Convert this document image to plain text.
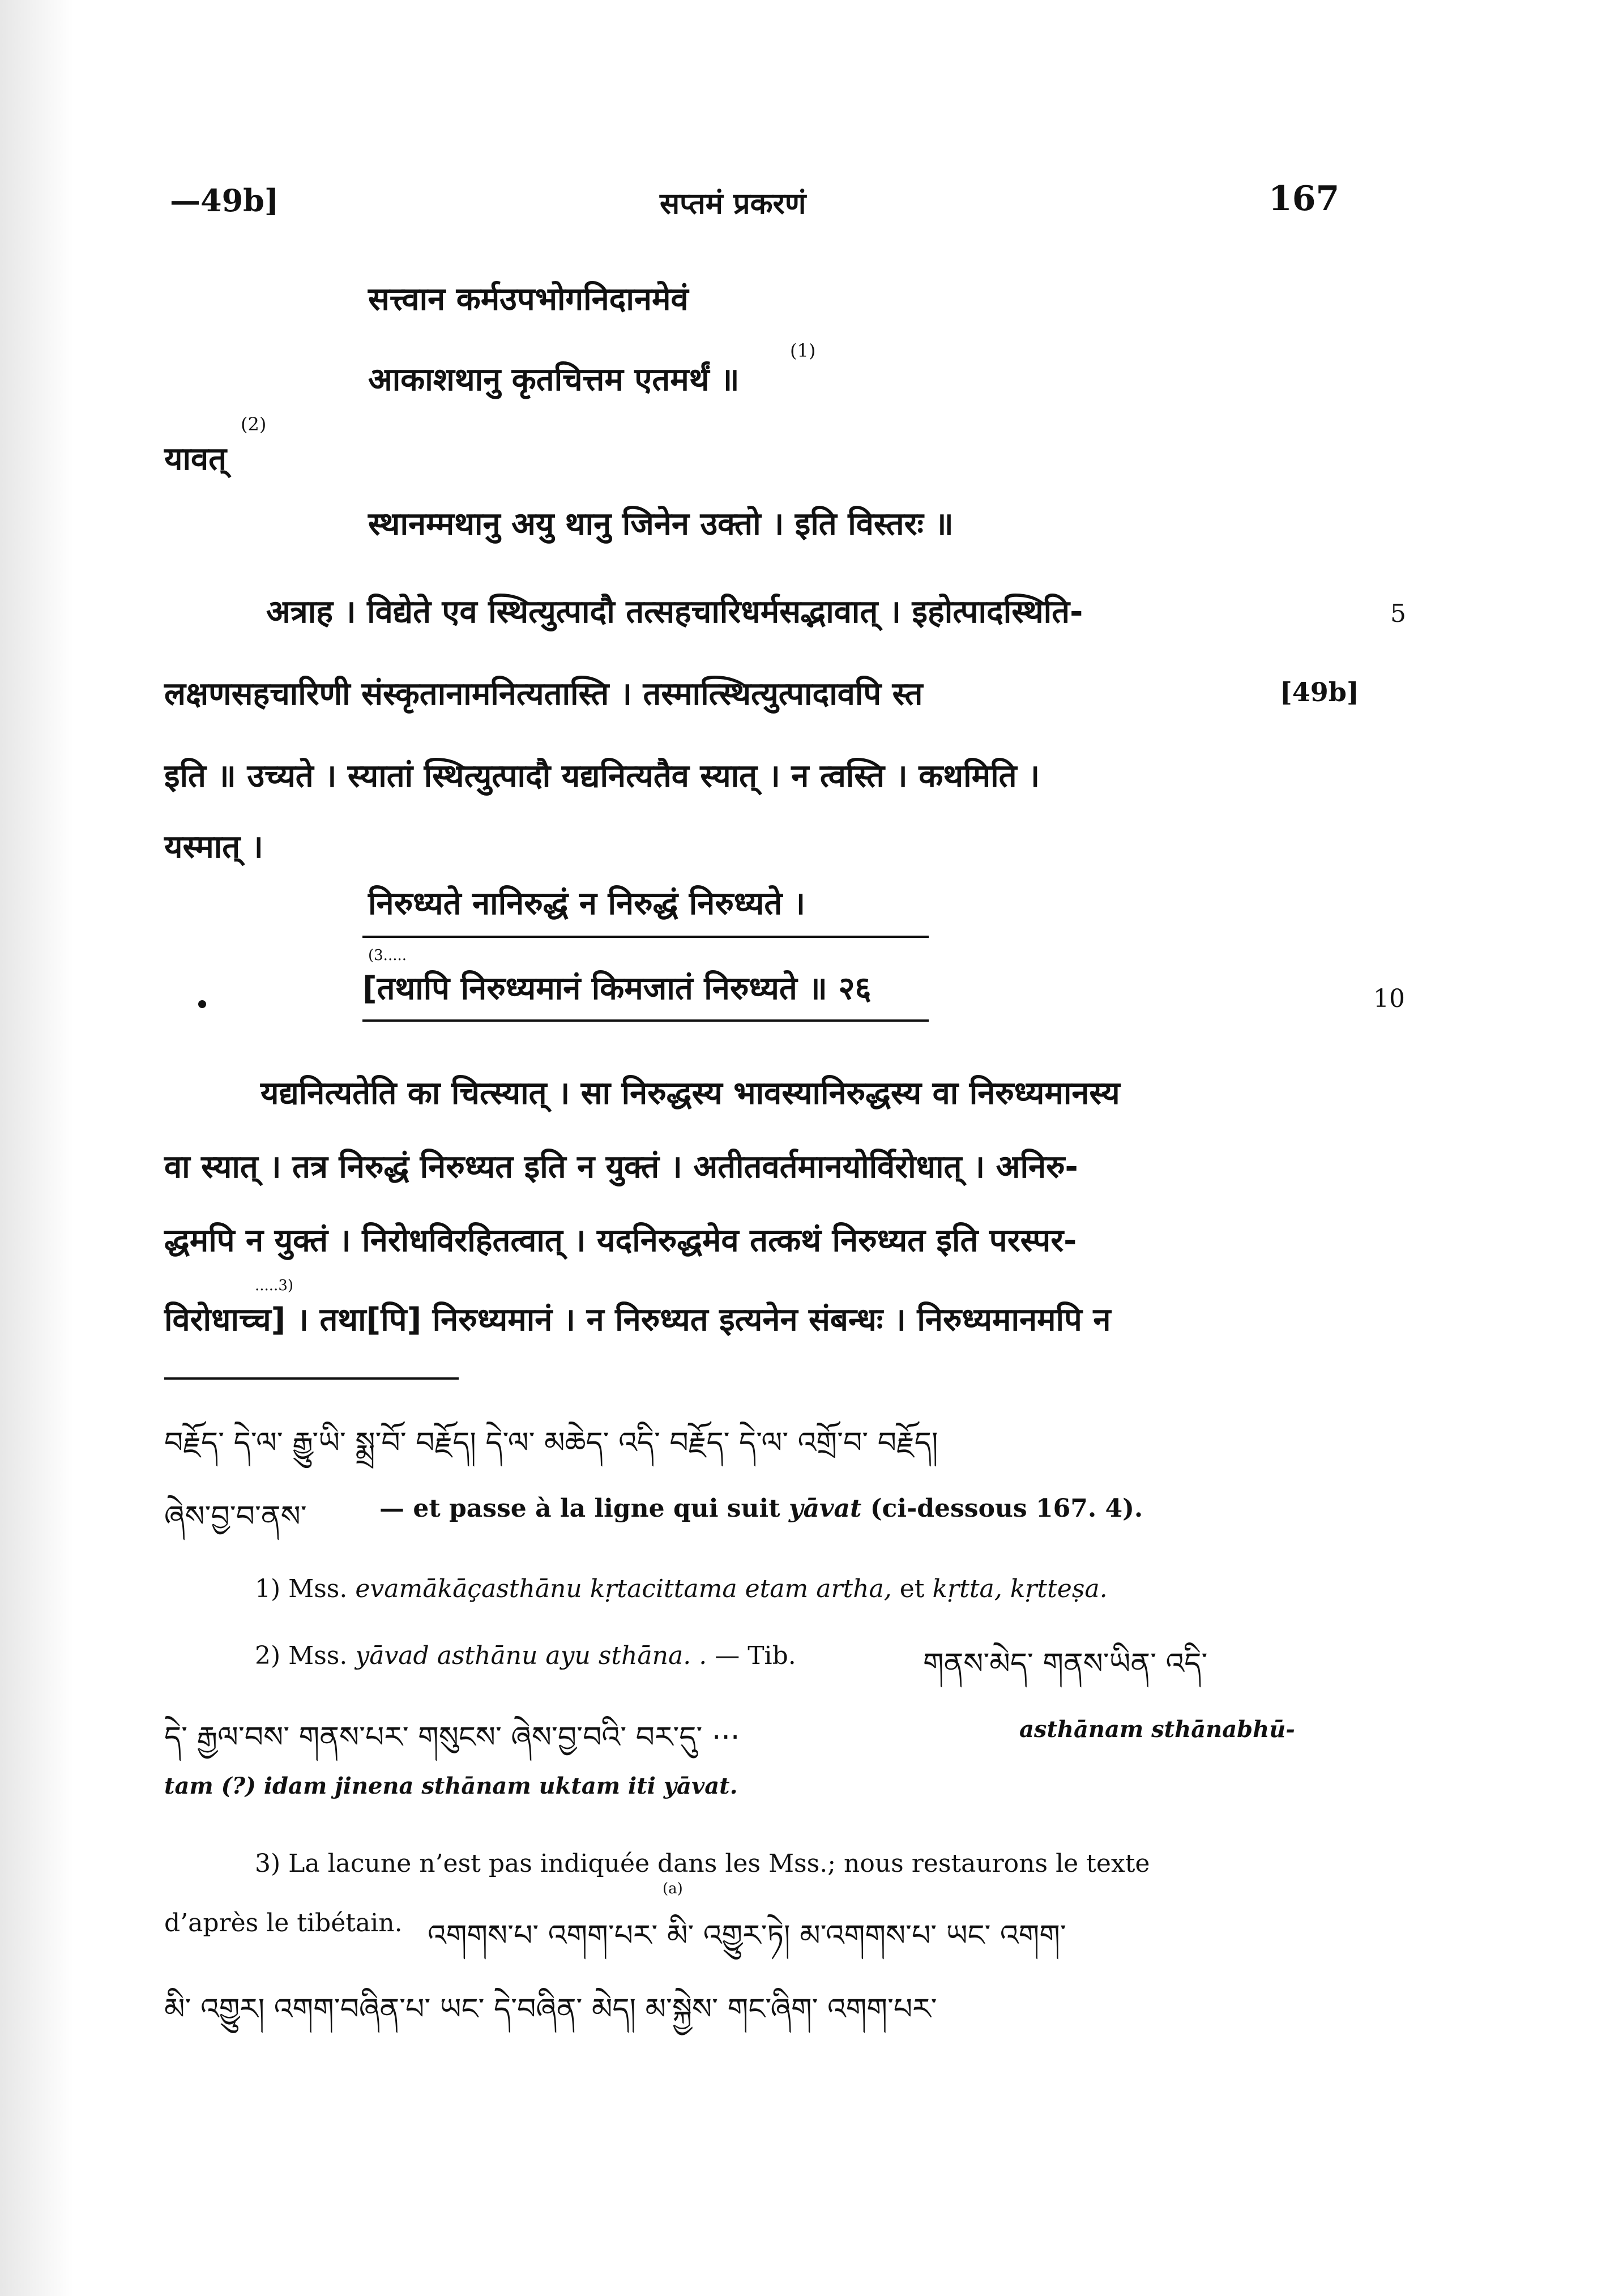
—49b]	सप्तमं प्रकरणं	167
सत्त्वान कर्मउपभोगनिदानमेवं
आकाशथानु कृतचित्तम एतमर्थं ॥
(1)
यावत्
(2)
स्थानम्मथानु अयु थानु जिनेन उक्तो । इति विस्तरः ॥
अत्राह । विद्येते एव स्थित्युत्पादौ तत्सहचारिधर्मसद्भावात् । इहोत्पादस्थिति-	5
लक्षणसहचारिणी संस्कृतानामनित्यतास्ति । तस्मात्स्थित्युत्पादावपि स्त	[49b]
इति ॥ उच्यते । स्यातां स्थित्युत्पादौ यद्यनित्यतैव स्यात् । न त्वस्ति । कथमिति ।
यस्मात् ।
निरुध्यते नानिरुद्धं न निरुद्धं निरुध्यते ।
(3.....
[तथापि निरुध्यमानं किमजातं निरुध्यते ॥ २६	10
यद्यनित्यतेति का चित्स्यात् । सा निरुद्धस्य भावस्यानिरुद्धस्य वा निरुध्यमानस्य
वा स्यात् । तत्र निरुद्धं निरुध्यत इति न युक्तं । अतीतवर्तमानयोर्विरोधात् । अनिरु-
द्धमपि न युक्तं । निरोधविरहितत्वात् । यदनिरुद्धमेव तत्कथं निरुध्यत इति परस्पर-
.....3)
विरोधाच्च] । तथा[पि] निरुध्यमानं । न निरुध्यत इत्यनेन संबन्धः । निरुध्यमानमपि न
བརྗོད་ དེ་ལ་ རྒྱུ་ཡི་ སྨྲ་བོ་ བརྗོད། དེ་ལ་ མཆེད་ འདི་ བརྗོད་ དེ་ལ་ འགྲོ་བ་ བརྗོད།
ཞེས་བྱ་བ་ནས་	— et passe à la ligne qui suit yāvat (ci-dessous 167. 4).
1) Mss. evamākāçasthānu kṛtacittama etam artha, et kṛtta, kṛtteṣa.
2) Mss. yāvad asthānu ayu sthāna. . — Tib.	གནས་མེད་ གནས་ཡིན་ འདི་
དེ་ རྒྱལ་བས་ གནས་པར་ གསུངས་ ཞེས་བྱ་བའི་ བར་དུ་ ···	asthānam sthānabhū-
tam (?) idam jinena sthānam uktam iti yāvat.
3) La lacune n’est pas indiquée dans les Mss.; nous restaurons le texte
d’après le tibétain. འགགས་པ་ འགག་པར་ མི་ འགྱུར་ཏེ། མ་འགགས་པ་ ཡང་ འགག་
(a)
མི་ འགྱུར། འགག་བཞིན་པ་ ཡང་ དེ་བཞིན་ མེད། མ་སྐྱེས་ གང་ཞིག་ འགག་པར་
